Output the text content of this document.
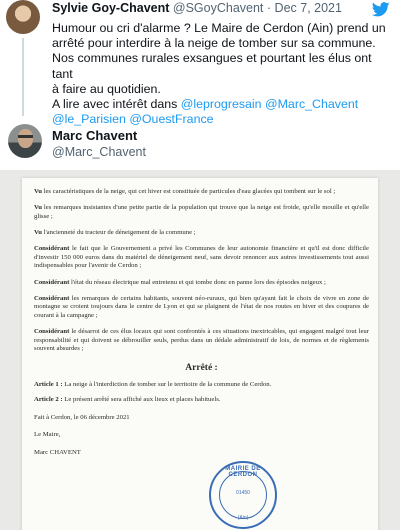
Sylvie Goy-Chavent @SGoyChavent · Dec 7, 2021
Humour ou cri d'alarme ? Le Maire de Cerdon (Ain) prend un
arrêté pour interdire à la neige de tomber sur sa commune.
Nos communes rurales exsangues et pourtant les élus ont tant
à faire au quotidien.
A lire avec intérêt dans @leprogresain @Marc_Chavent
@le_Parisien @OuestFrance
Marc Chavent
@Marc_Chavent
Vu les caractéristiques de la neige, qui cet hiver est constituée de particules d'eau glacées qui tombent sur le sol ;
Vu les remarques insistantes d'une petite partie de la population qui trouve que la neige est froide, qu'elle mouille et qu'elle glisse ;
Vu l'ancienneté du tracteur de déneigement de la commune ;
Considérant le fait que le Gouvernement a privé les Communes de leur autonomie financière et qu'il est donc difficile d'investir 150 000 euros dans du matériel de déneigement neuf, sans devoir renoncer aux autres investissements tout aussi indispensables pour l'avenir de Cerdon ;
Considérant l'état du réseau électrique mal entretenu et qui tombe donc en panne lors des épisodes neigeux ;
Considérant les remarques de certains habitants, souvent néo-ruraux, qui bien qu'ayant fait le choix de vivre en zone de montagne se croient toujours dans le centre de Lyon et qui se plaignent de l'état de nos routes en hiver et des coupures de courant à la campagne ;
Considérant le désarroi de ces élus locaux qui sont confrontés à ces situations inextricables, qui engagent malgré tout leur responsabilité et qui doivent se débrouiller seuls, perdus dans un dédale administratif de lois, de normes et de règlements souvent absurdes ;
Arrêté :
Article 1 : La neige à l'interdiction de tomber sur le territoire de la commune de Cerdon.
Article 2 : Le présent arrêté sera affiché aux lieux et places habituels.
Fait à Cerdon, le 06 décembre 2021
Le Maire,
Marc CHAVENT
MAIRIE DE CERDON
01450
(Ain)
